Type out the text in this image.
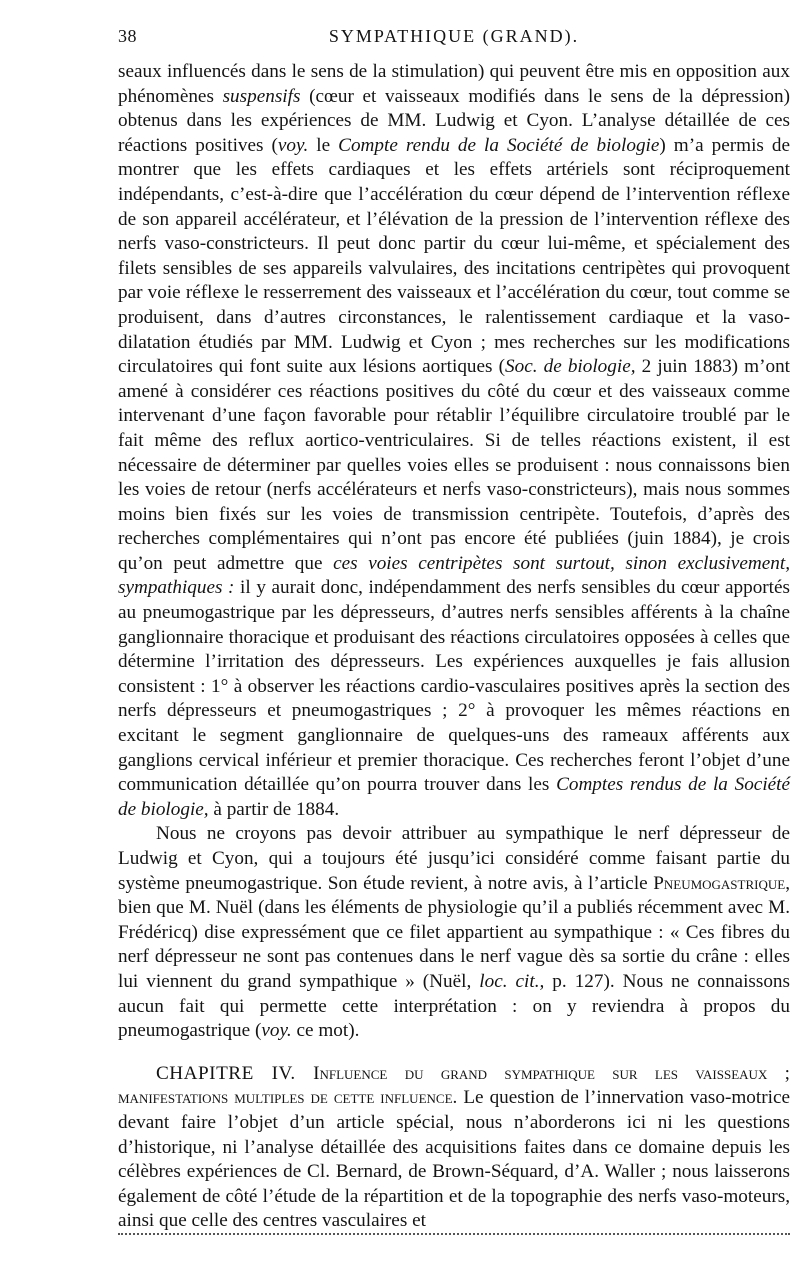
38	SYMPATHIQUE (GRAND).

seaux influencés dans le sens de la stimulation) qui peuvent être mis en opposition aux phénomènes suspensifs (cœur et vaisseaux modifiés dans le sens de la dépression) obtenus dans les expériences de MM. Ludwig et Cyon. L’analyse détaillée de ces réactions positives (voy. le Compte rendu de la Société de biologie) m’a permis de montrer que les effets cardiaques et les effets artériels sont réciproquement indépendants, c’est-à-dire que l’accélération du cœur dépend de l’intervention réflexe de son appareil accélérateur, et l’élévation de la pression de l’intervention réflexe des nerfs vaso-constricteurs. Il peut donc partir du cœur lui-même, et spécialement des filets sensibles de ses appareils valvulaires, des incitations centripètes qui provoquent par voie réflexe le resserrement des vaisseaux et l’accélération du cœur, tout comme se produisent, dans d’autres circonstances, le ralentissement cardiaque et la vaso-dilatation étudiés par MM. Ludwig et Cyon ; mes recherches sur les modifications circulatoires qui font suite aux lésions aortiques (Soc. de biologie, 2 juin 1883) m’ont amené à considérer ces réactions positives du côté du cœur et des vaisseaux comme intervenant d’une façon favorable pour rétablir l’équilibre circulatoire troublé par le fait même des reflux aortico-ventriculaires. Si de telles réactions existent, il est nécessaire de déterminer par quelles voies elles se produisent : nous connaissons bien les voies de retour (nerfs accélérateurs et nerfs vaso-constricteurs), mais nous sommes moins bien fixés sur les voies de transmission centripète. Toutefois, d’après des recherches complémentaires qui n’ont pas encore été publiées (juin 1884), je crois qu’on peut admettre que ces voies centripètes sont surtout, sinon exclusivement, sympathiques : il y aurait donc, indépendamment des nerfs sensibles du cœur apportés au pneumogastrique par les dépresseurs, d’autres nerfs sensibles afférents à la chaîne ganglionnaire thoracique et produisant des réactions circulatoires opposées à celles que détermine l’irritation des dépresseurs. Les expériences auxquelles je fais allusion consistent : 1° à observer les réactions cardio-vasculaires positives après la section des nerfs dépresseurs et pneumogastriques ; 2° à provoquer les mêmes réactions en excitant le segment ganglionnaire de quelques-uns des rameaux afférents aux ganglions cervical inférieur et premier thoracique. Ces recherches feront l’objet d’une communication détaillée qu’on pourra trouver dans les Comptes rendus de la Société de biologie, à partir de 1884.

Nous ne croyons pas devoir attribuer au sympathique le nerf dépresseur de Ludwig et Cyon, qui a toujours été jusqu’ici considéré comme faisant partie du système pneumogastrique. Son étude revient, à notre avis, à l’article Pneumogastrique, bien que M. Nuël (dans les éléments de physiologie qu’il a publiés récemment avec M. Frédéricq) dise expressément que ce filet appartient au sympathique : « Ces fibres du nerf dépresseur ne sont pas contenues dans le nerf vague dès sa sortie du crâne : elles lui viennent du grand sympathique » (Nuël, loc. cit., p. 127). Nous ne connaissons aucun fait qui permette cette interprétation : on y reviendra à propos du pneumogastrique (voy. ce mot).

CHAPITRE IV. Influence du grand sympathique sur les vaisseaux ; manifestations multiples de cette influence. Le question de l’innervation vaso-motrice devant faire l’objet d’un article spécial, nous n’aborderons ici ni les questions d’historique, ni l’analyse détaillée des acquisitions faites dans ce domaine depuis les célèbres expériences de Cl. Bernard, de Brown-Séquard, d’A. Waller ; nous laisserons également de côté l’étude de la répartition et de la topographie des nerfs vaso-moteurs, ainsi que celle des centres vasculaires et
